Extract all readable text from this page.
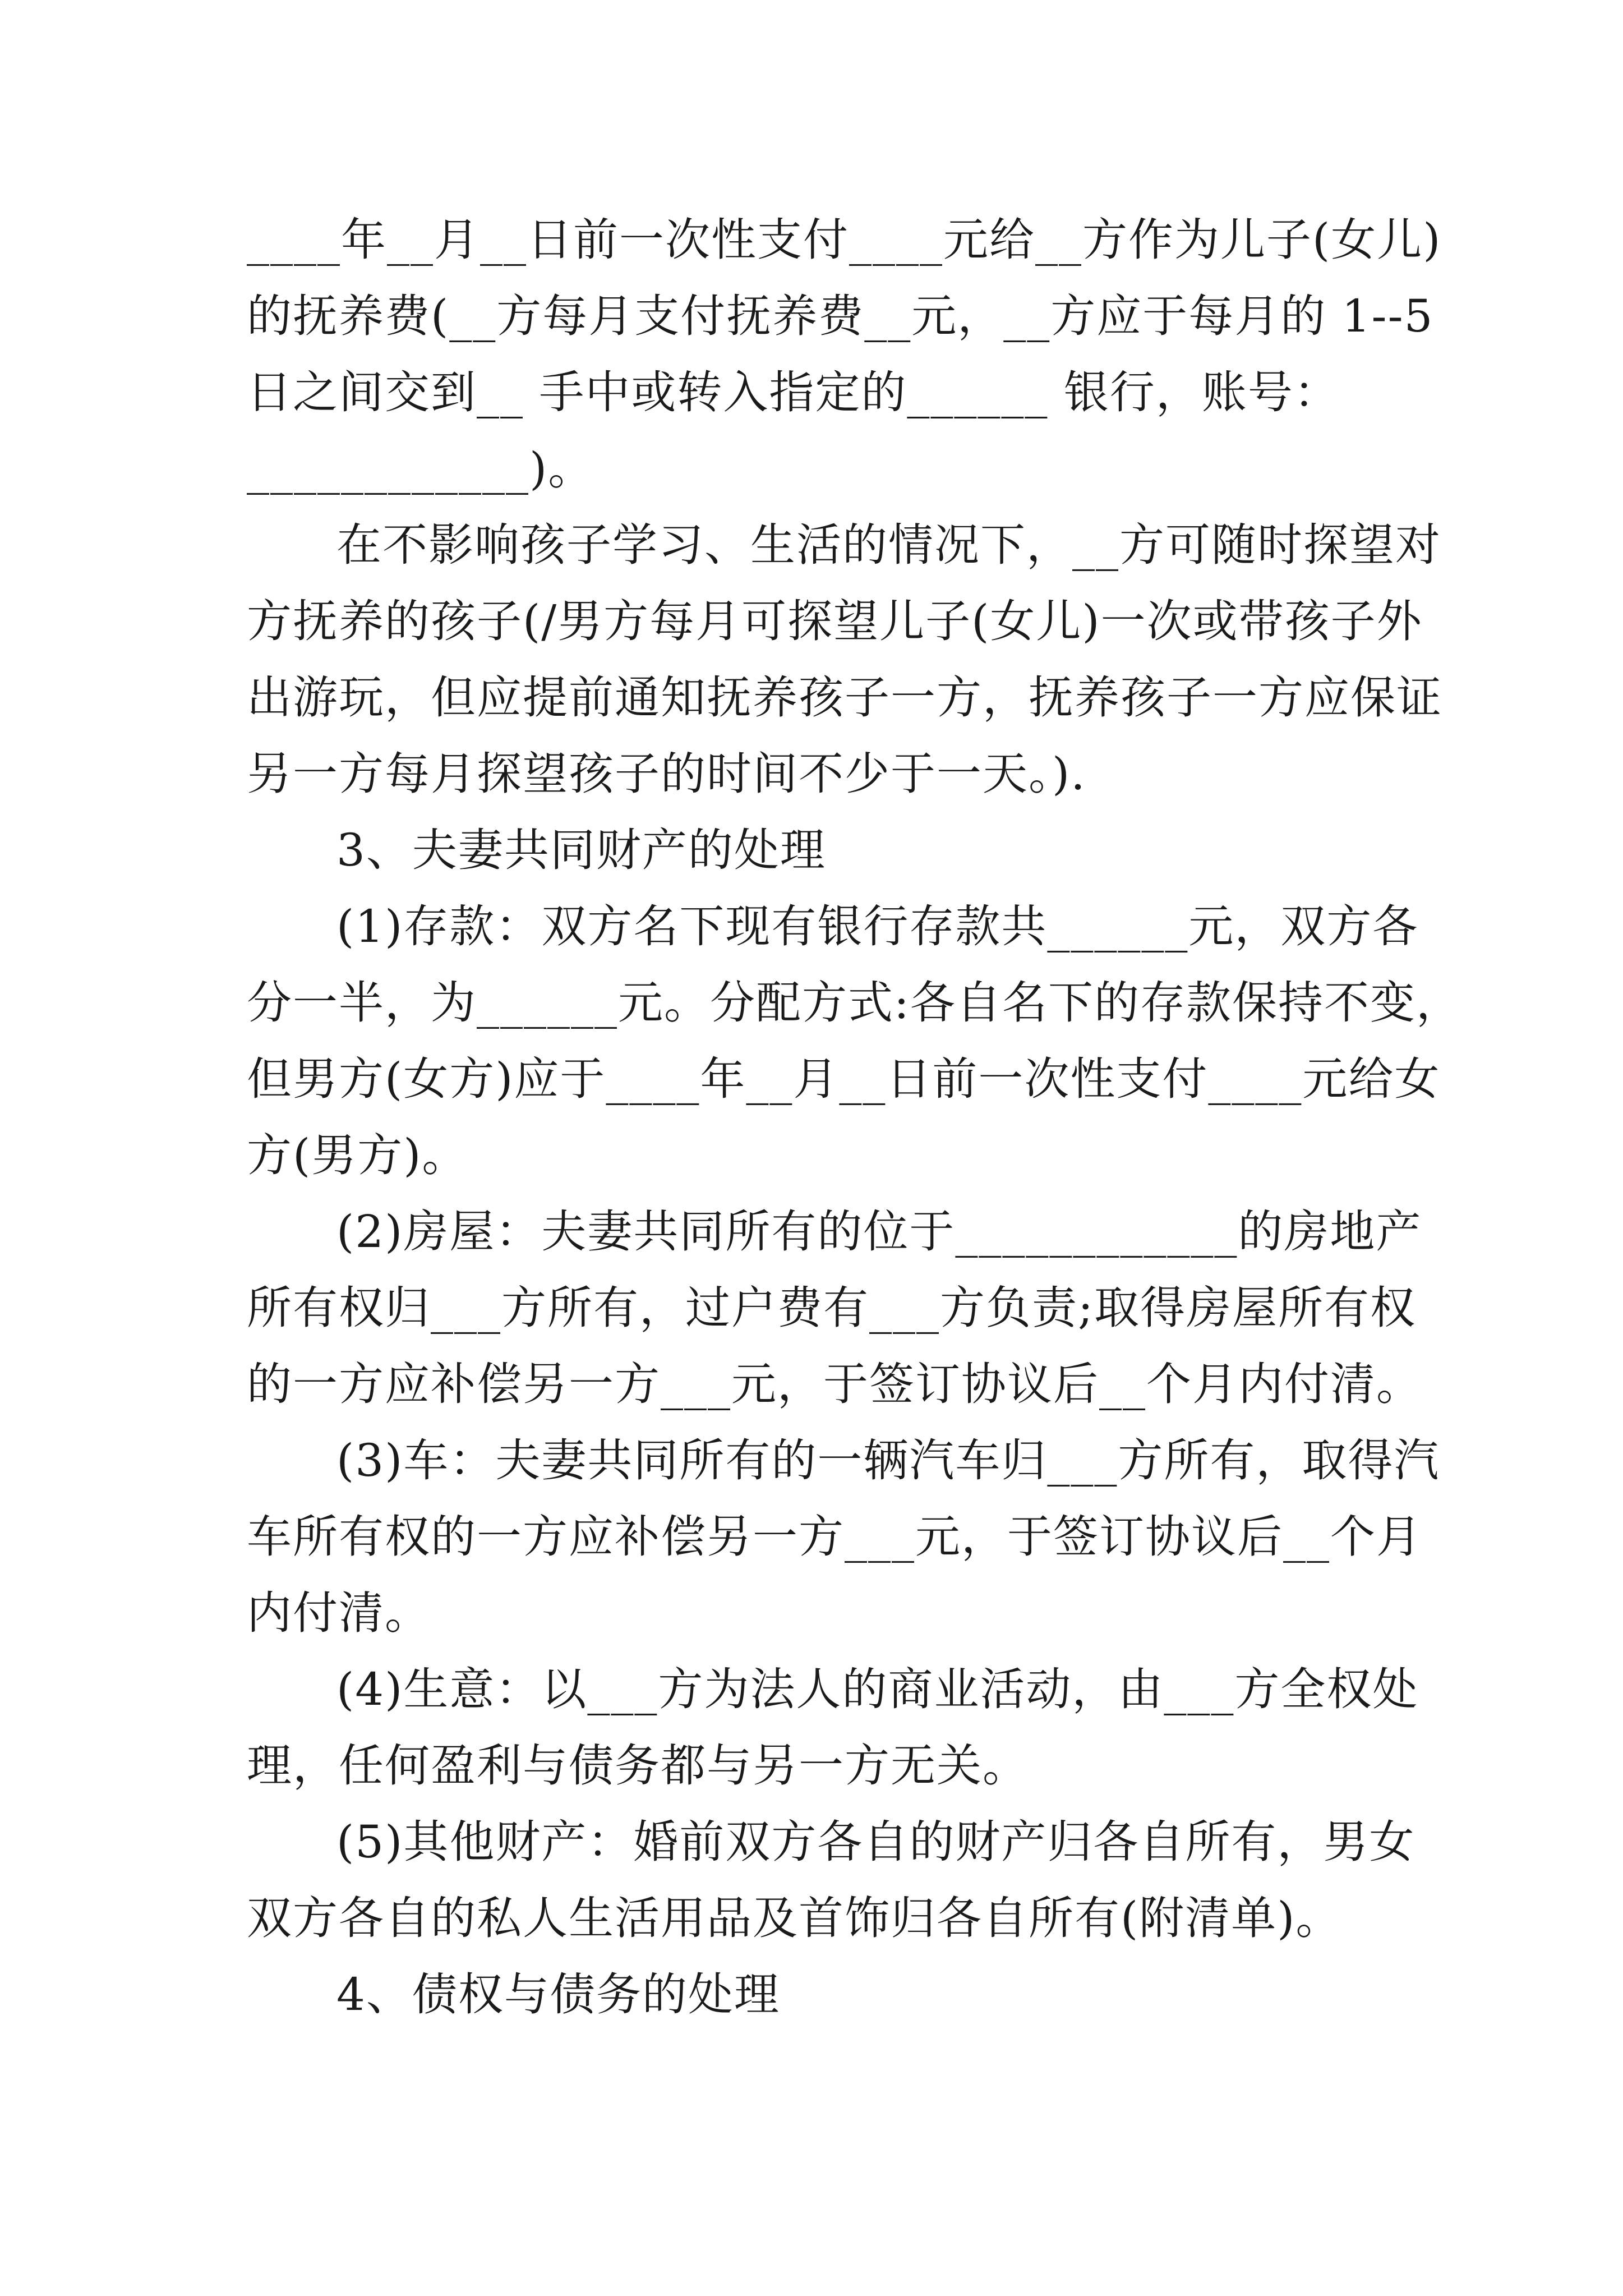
____年__月__日前一次性支付____元给__方作为儿子(女儿)
的抚养费(__方每月支付抚养费__元，__方应于每月的 1--5
日之间交到__ 手中或转入指定的______ 银行，账号：
____________)。
在不影响孩子学习、生活的情况下，__方可随时探望对
方抚养的孩子(/男方每月可探望儿子(女儿)一次或带孩子外
出游玩，但应提前通知抚养孩子一方，抚养孩子一方应保证
另一方每月探望孩子的时间不少于一天。).
3、夫妻共同财产的处理
(1)存款：双方名下现有银行存款共______元，双方各
分一半，为______元。分配方式:各自名下的存款保持不变，
但男方(女方)应于____年__月__日前一次性支付____元给女
方(男方)。
(2)房屋：夫妻共同所有的位于____________的房地产
所有权归___方所有，过户费有___方负责;取得房屋所有权
的一方应补偿另一方___元，于签订协议后__个月内付清。
(3)车：夫妻共同所有的一辆汽车归___方所有，取得汽
车所有权的一方应补偿另一方___元，于签订协议后__个月
内付清。
(4)生意：以___方为法人的商业活动，由___方全权处
理，任何盈利与债务都与另一方无关。
(5)其他财产：婚前双方各自的财产归各自所有，男女
双方各自的私人生活用品及首饰归各自所有(附清单)。
4、债权与债务的处理
